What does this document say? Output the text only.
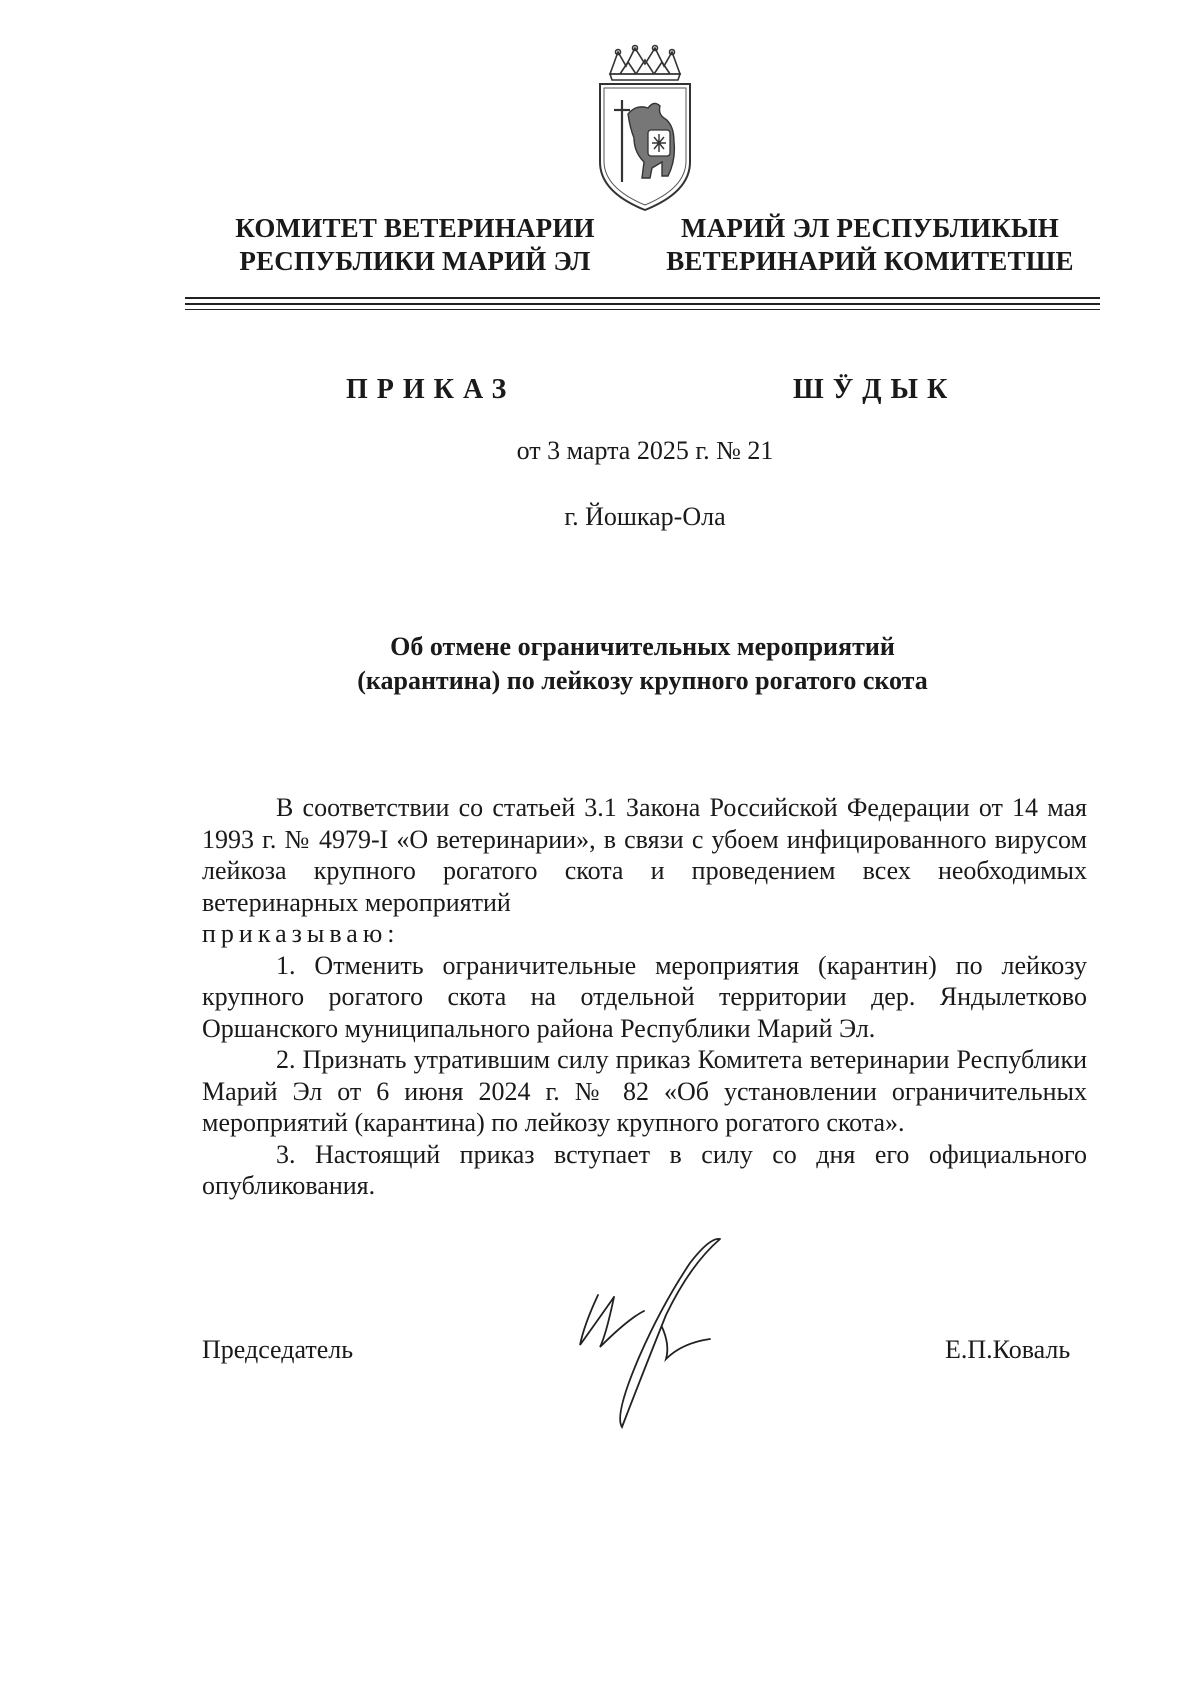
КОМИТЕТ ВЕТЕРИНАРИИ
РЕСПУБЛИКИ МАРИЙ ЭЛ
МАРИЙ ЭЛ РЕСПУБЛИКЫН
ВЕТЕРИНАРИЙ КОМИТЕТШЕ
ПРИКАЗ	ШӰДЫК
от 3 марта 2025 г. № 21
г. Йошкар-Ола
Об отмене ограничительных мероприятий
(карантина) по лейкозу крупного рогатого скота

В соответствии со статьей 3.1 Закона Российской Федерации от 14 мая 1993 г. № 4979-I «О ветеринарии», в связи с убоем инфицированного вирусом лейкоза крупного рогатого скота и проведением всех необходимых ветеринарных мероприятий

приказываю:

1. Отменить ограничительные мероприятия (карантин) по лейкозу крупного рогатого скота на отдельной территории дер. Яндылетково Оршанского муниципального района Республики Марий Эл.

2. Признать утратившим силу приказ Комитета ветеринарии Республики Марий Эл от 6 июня 2024 г. № 82 «Об установлении ограничительных мероприятий (карантина) по лейкозу крупного рогатого скота».

3. Настоящий приказ вступает в силу со дня его официального опубликования.

Председатель	Е.П.Коваль
